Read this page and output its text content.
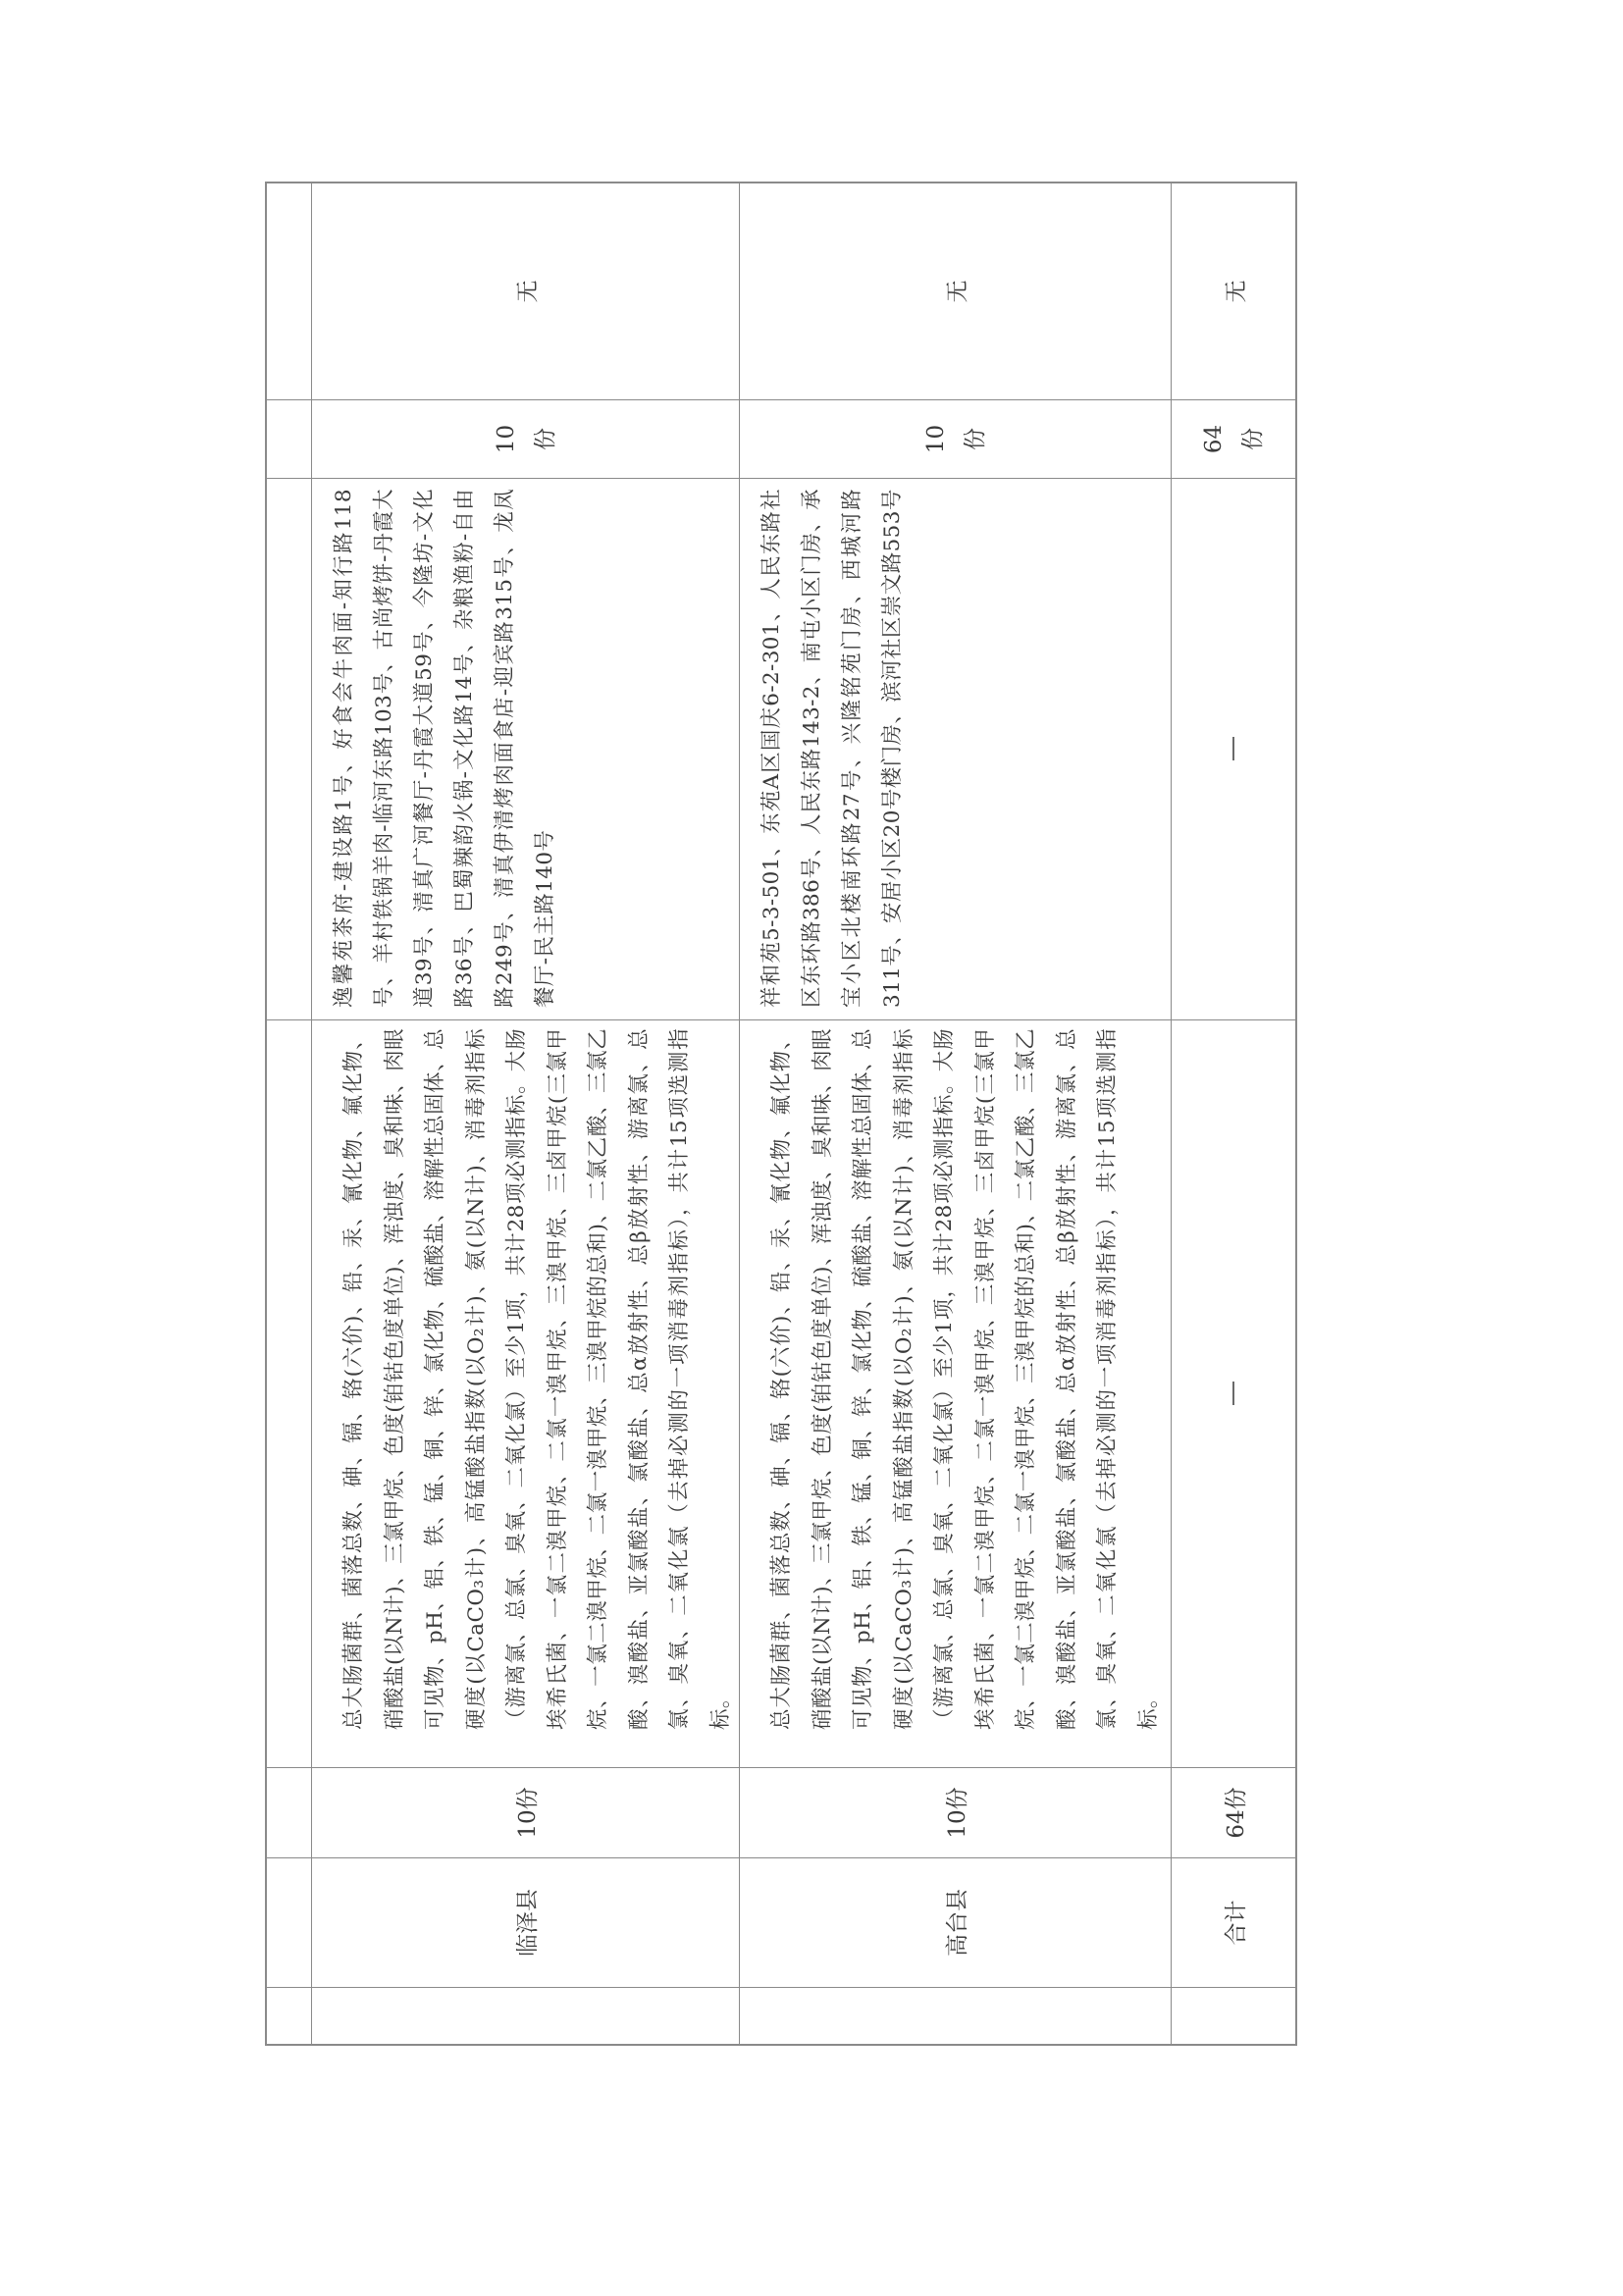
临泽县
10份
总大肠菌群、菌落总数、砷、镉、铬(六价)、铅、汞、氰化物、氟化物、硝酸盐(以N计)、三氯甲烷、色度(铂钴色度单位)、浑浊度、臭和味、肉眼可见物、pH、铝、铁、锰、铜、锌、氯化物、硫酸盐、溶解性总固体、总硬度(以CaCO₃计)、高锰酸盐指数(以O₂计)、氨(以N计)、消毒剂指标（游离氯、总氯、臭氧、二氧化氯）至少1项，共计28项必测指标。大肠埃希氏菌、一氯二溴甲烷、二氯一溴甲烷、三溴甲烷、三卤甲烷(三氯甲烷、一氯二溴甲烷、二氯一溴甲烷、三溴甲烷的总和)、二氯乙酸、三氯乙酸、溴酸盐、亚氯酸盐、氯酸盐、总α放射性、总β放射性、游离氯、总氯、臭氧、二氧化氯（去掉必测的一项消毒剂指标），共计15项选测指标。
逸馨苑茶府-建设路1号、好食会牛肉面-知行路118号、羊村铁锅羊肉-临河东路103号、古尚烤饼-丹霞大道39号、清真广河餐厅-丹霞大道59号、今隆坊-文化路36号、巴蜀辣韵火锅-文化路14号、杂粮渔粉-自由路249号、清真伊清烤肉面食店-迎宾路315号、龙凤餐厅-民主路140号
10 份
无
高台县
10份
总大肠菌群、菌落总数、砷、镉、铬(六价)、铅、汞、氰化物、氟化物、硝酸盐(以N计)、三氯甲烷、色度(铂钴色度单位)、浑浊度、臭和味、肉眼可见物、pH、铝、铁、锰、铜、锌、氯化物、硫酸盐、溶解性总固体、总硬度(以CaCO₃计)、高锰酸盐指数(以O₂计)、氨(以N计)、消毒剂指标（游离氯、总氯、臭氧、二氧化氯）至少1项，共计28项必测指标。大肠埃希氏菌、一氯二溴甲烷、二氯一溴甲烷、三溴甲烷、三卤甲烷(三氯甲烷、一氯二溴甲烷、二氯一溴甲烷、三溴甲烷的总和)、二氯乙酸、三氯乙酸、溴酸盐、亚氯酸盐、氯酸盐、总α放射性、总β放射性、游离氯、总氯、臭氧、二氧化氯（去掉必测的一项消毒剂指标），共计15项选测指标。
祥和苑5-3-501、东苑A区国庆6-2-301、人民东路社区东环路386号、人民东路143-2、南屯小区门房、承宝小区北楼南环路27号、兴隆铭苑门房、西城河路311号、安居小区20号楼门房、滨河社区崇文路553号
10 份
无
合计
64份
64 份
无
